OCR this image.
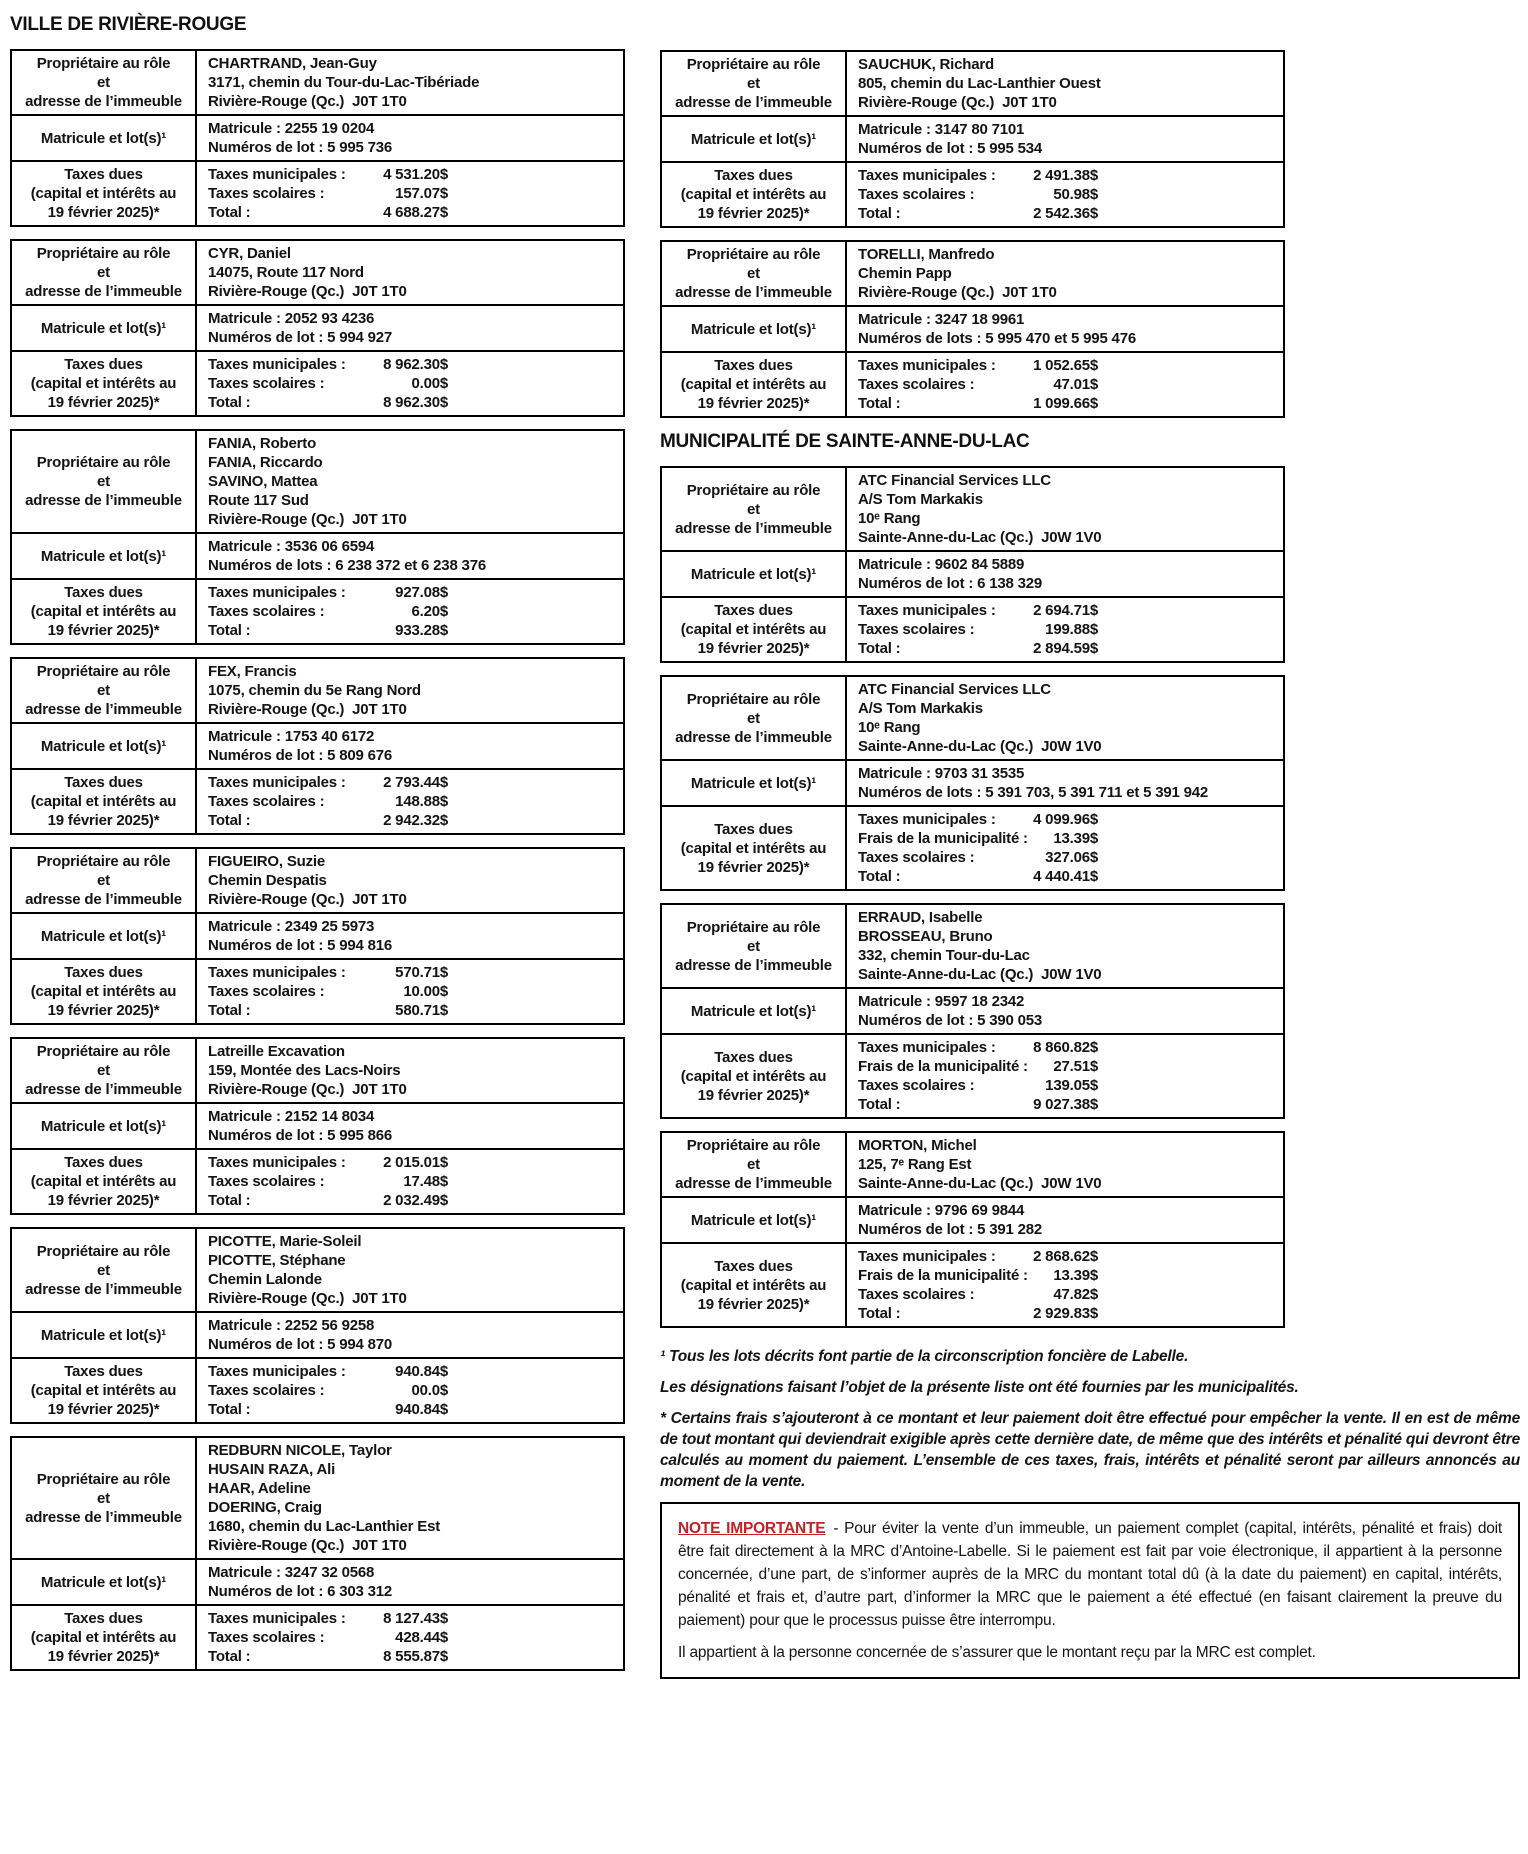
VILLE DE RIVIÈRE-ROUGE
Propriétaire au rôle
et
adresse de l’immeuble

CHARTRAND, Jean-Guy
3171, chemin du Tour-du-Lac-Tibériade
Rivière-Rouge (Qc.)  J0T 1T0

Matricule et lot(s)¹	Matricule : 2255 19 0204
Numéros de lot : 5 995 736

Taxes dues
(capital et intérêts au
19 février 2025)*

Taxes municipales : 4 531.20$
Taxes scolaires :	157.07$
Total :	4 688.27$
Propriétaire au rôle
et
adresse de l’immeuble

CYR, Daniel
14075, Route 117 Nord
Rivière-Rouge (Qc.)  J0T 1T0

Matricule et lot(s)¹	Matricule : 2052 93 4236
Numéros de lot : 5 994 927

Taxes dues
(capital et intérêts au
19 février 2025)*

Taxes municipales : 8 962.30$
Taxes scolaires :	0.00$
Total :	8 962.30$
Propriétaire au rôle
et
adresse de l’immeuble

FANIA, Roberto
FANIA, Riccardo
SAVINO, Mattea
Route 117 Sud
Rivière-Rouge (Qc.)  J0T 1T0

Matricule et lot(s)¹	Matricule : 3536 06 6594
Numéros de lots : 6 238 372 et 6 238 376

Taxes dues
(capital et intérêts au
19 février 2025)*

Taxes municipales :	927.08$
Taxes scolaires :	6.20$
Total :	933.28$
Propriétaire au rôle
et
adresse de l’immeuble

FEX, Francis
1075, chemin du 5e Rang Nord
Rivière-Rouge (Qc.)  J0T 1T0

Matricule et lot(s)¹	Matricule : 1753 40 6172
Numéros de lot : 5 809 676

Taxes dues
(capital et intérêts au
19 février 2025)*

Taxes municipales : 2 793.44$
Taxes scolaires :	148.88$
Total :	2 942.32$
Propriétaire au rôle
et
adresse de l’immeuble

FIGUEIRO, Suzie
Chemin Despatis
Rivière-Rouge (Qc.)  J0T 1T0

Matricule et lot(s)¹	Matricule : 2349 25 5973
Numéros de lot : 5 994 816

Taxes dues
(capital et intérêts au
19 février 2025)*

Taxes municipales :	570.71$
Taxes scolaires :	10.00$
Total :	580.71$
Propriétaire au rôle
et
adresse de l’immeuble

Latreille Excavation
159, Montée des Lacs-Noirs
Rivière-Rouge (Qc.)  J0T 1T0

Matricule et lot(s)¹	Matricule : 2152 14 8034
Numéros de lot : 5 995 866

Taxes dues
(capital et intérêts au
19 février 2025)*

Taxes municipales : 2 015.01$
Taxes scolaires :	17.48$
Total :	2 032.49$
Propriétaire au rôle
et
adresse de l’immeuble

PICOTTE, Marie-Soleil
PICOTTE, Stéphane
Chemin Lalonde
Rivière-Rouge (Qc.)  J0T 1T0

Matricule et lot(s)¹	Matricule : 2252 56 9258
Numéros de lot : 5 994 870

Taxes dues
(capital et intérêts au
19 février 2025)*

Taxes municipales :	940.84$
Taxes scolaires :	00.0$
Total :	940.84$
Propriétaire au rôle
et
adresse de l’immeuble

REDBURN NICOLE, Taylor
HUSAIN RAZA, Ali
HAAR, Adeline
DOERING, Craig
1680, chemin du Lac-Lanthier Est
Rivière-Rouge (Qc.)  J0T 1T0

Matricule et lot(s)¹	Matricule : 3247 32 0568
Numéros de lot : 6 303 312

Taxes dues
(capital et intérêts au
19 février 2025)*

Taxes municipales : 8 127.43$
Taxes scolaires :	428.44$
Total :	8 555.87$
Propriétaire au rôle
et
adresse de l’immeuble

SAUCHUK, Richard
805, chemin du Lac-Lanthier Ouest
Rivière-Rouge (Qc.)  J0T 1T0

Matricule et lot(s)¹	Matricule : 3147 80 7101
Numéros de lot : 5 995 534

Taxes dues
(capital et intérêts au
19 février 2025)*

Taxes municipales : 2 491.38$
Taxes scolaires :	50.98$
Total :	2 542.36$
Propriétaire au rôle
et
adresse de l’immeuble

TORELLI, Manfredo
Chemin Papp
Rivière-Rouge (Qc.)  J0T 1T0

Matricule et lot(s)¹	Matricule : 3247 18 9961
Numéros de lots : 5 995 470 et 5 995 476

Taxes dues
(capital et intérêts au
19 février 2025)*

Taxes municipales : 1 052.65$
Taxes scolaires :	47.01$
Total :	1 099.66$
MUNICIPALITÉ DE SAINTE-ANNE-DU-LAC
Propriétaire au rôle
et
adresse de l’immeuble

ATC Financial Services LLC
A/S Tom Markakis
10ᵉ Rang
Sainte-Anne-du-Lac (Qc.)  J0W 1V0

Matricule et lot(s)¹	Matricule : 9602 84 5889
Numéros de lot : 6 138 329

Taxes dues
(capital et intérêts au
19 février 2025)*

Taxes municipales : 2 694.71$
Taxes scolaires :	199.88$
Total :	2 894.59$
Propriétaire au rôle
et
adresse de l’immeuble

ATC Financial Services LLC
A/S Tom Markakis
10ᵉ Rang
Sainte-Anne-du-Lac (Qc.)  J0W 1V0

Matricule et lot(s)¹	Matricule : 9703 31 3535
Numéros de lots : 5 391 703, 5 391 711 et 5 391 942

Taxes dues
(capital et intérêts au
19 février 2025)*

Taxes municipales : 4 099.96$
Frais de la municipalité : 13.39$
Taxes scolaires :	327.06$
Total :	4 440.41$
Propriétaire au rôle
et
adresse de l’immeuble

ERRAUD, Isabelle
BROSSEAU, Bruno
332, chemin Tour-du-Lac
Sainte-Anne-du-Lac (Qc.)  J0W 1V0

Matricule et lot(s)¹	Matricule : 9597 18 2342
Numéros de lot : 5 390 053

Taxes dues
(capital et intérêts au
19 février 2025)*

Taxes municipales : 8 860.82$
Frais de la municipalité : 27.51$
Taxes scolaires :	139.05$
Total :	9 027.38$
Propriétaire au rôle
et
adresse de l’immeuble

MORTON, Michel
125, 7ᵉ Rang Est
Sainte-Anne-du-Lac (Qc.)  J0W 1V0

Matricule et lot(s)¹	Matricule : 9796 69 9844
Numéros de lot : 5 391 282

Taxes dues
(capital et intérêts au
19 février 2025)*

Taxes municipales : 2 868.62$
Frais de la municipalité : 13.39$
Taxes scolaires :	47.82$
Total :	2 929.83$

¹ Tous les lots décrits font partie de la circonscription foncière de Labelle.

Les désignations faisant l’objet de la présente liste ont été fournies par les municipalités.

* Certains frais s’ajouteront à ce montant et leur paiement doit être effectué pour empêcher la vente. Il en est de même de tout montant qui deviendrait exigible après cette dernière date, de même que des intérêts et pénalité qui devront être calculés au moment du paiement. L’ensemble de ces taxes, frais, intérêts et pénalité seront par ailleurs annoncés au moment de la vente.

NOTE IMPORTANTE - Pour éviter la vente d’un immeuble, un paiement complet (capital, intérêts, pénalité et frais) doit être fait directement à la MRC d’Antoine-Labelle. Si le paiement est fait par voie électronique, il appartient à la personne concernée, d’une part, de s’informer auprès de la MRC du montant total dû (à la date du paiement) en capital, intérêts, pénalité et frais et, d’autre part, d’informer la MRC que le paiement a été effectué (en faisant clairement la preuve du paiement) pour que le processus puisse être interrompu.

Il appartient à la personne concernée de s’assurer que le montant reçu par la MRC est complet.
